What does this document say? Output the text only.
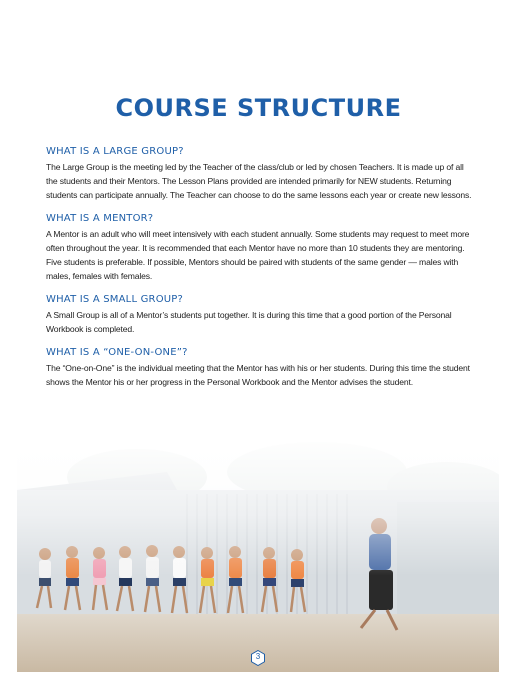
COURSE STRUCTURE
WHAT IS A LARGE GROUP?

The Large Group is the meeting led by the Teacher of the class/club or led by chosen Teachers. It is made up of all the students and their Mentors. The Lesson Plans provided are intended primarily for NEW students. Returning students can participate annually. The Teacher can choose to do the same lessons each year or create new lessons.

WHAT IS A MENTOR?

A Mentor is an adult who will meet intensively with each student annually. Some students may request to meet more often throughout the year. It is recommended that each Mentor have no more than 10 students they are mentoring. Five students is preferable. If possible, Mentors should be paired with students of the same gender — males with males, females with females.

WHAT IS A SMALL GROUP?

A Small Group is all of a Mentor’s students put together. It is during this time that a good portion of the Personal Workbook is completed.

WHAT IS A “ONE-ON-ONE”?

The “One-on-One” is the individual meeting that the Mentor has with his or her students. During this time the student shows the Mentor his or her progress in the Personal Workbook and the Mentor advises the student.

3
